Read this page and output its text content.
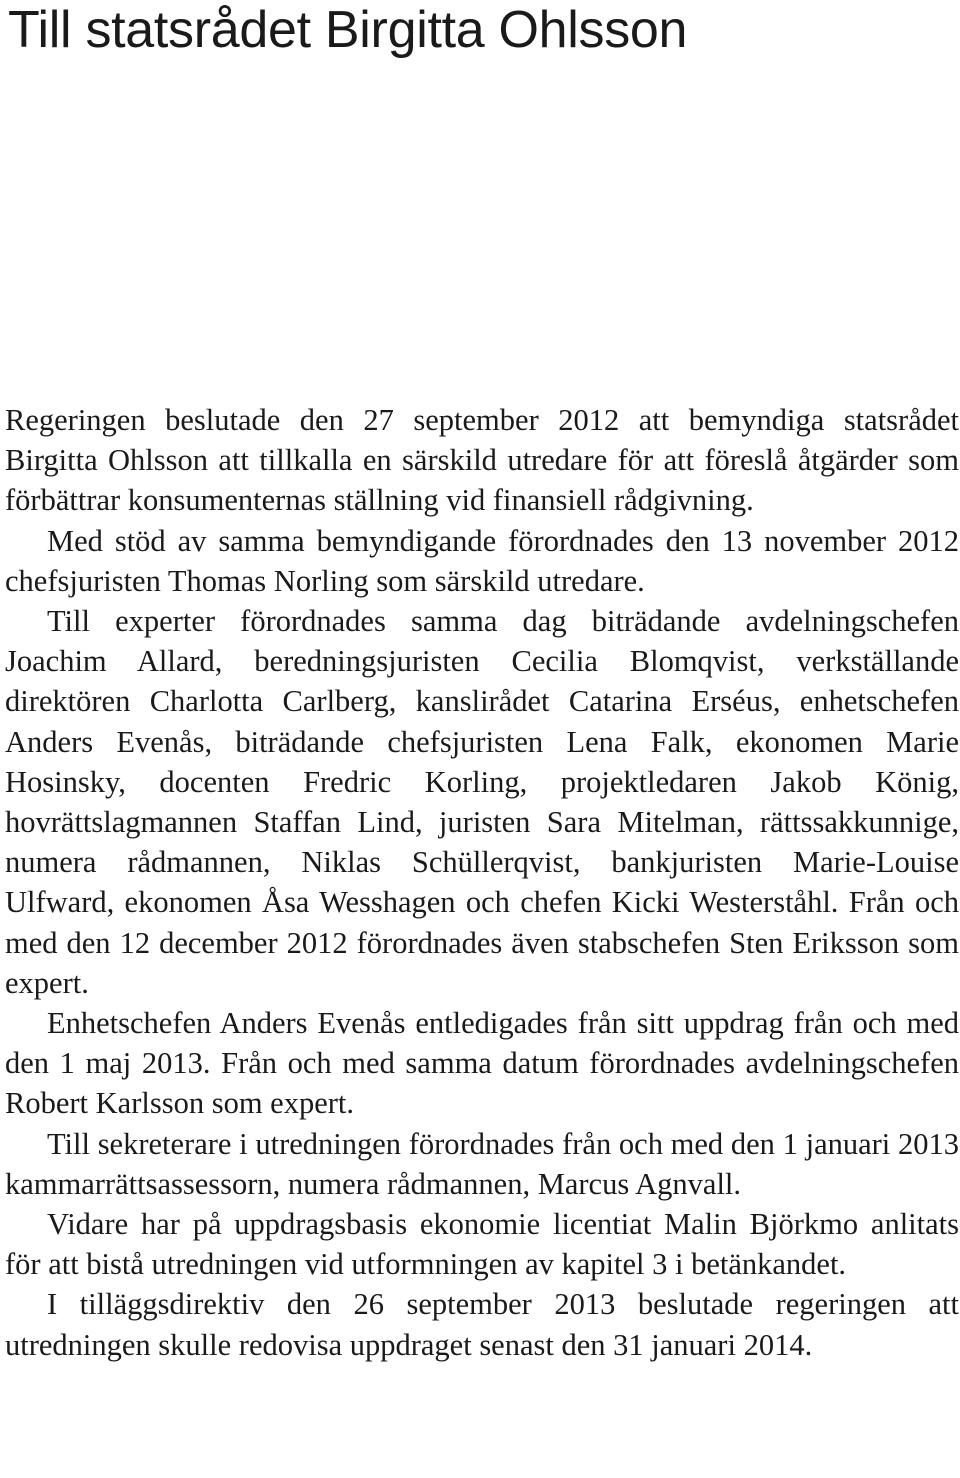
Till statsrådet Birgitta Ohlsson

Regeringen beslutade den 27 september 2012 att bemyndiga statsrådet Birgitta Ohlsson att tillkalla en särskild utredare för att föreslå åtgärder som förbättrar konsumenternas ställning vid finansiell rådgivning.

Med stöd av samma bemyndigande förordnades den 13 november 2012 chefsjuristen Thomas Norling som särskild utredare.

Till experter förordnades samma dag biträdande avdelningschefen Joachim Allard, beredningsjuristen Cecilia Blomqvist, verkställande direktören Charlotta Carlberg, kanslirådet Catarina Erséus, enhetschefen Anders Evenås, biträdande chefsjuristen Lena Falk, ekonomen Marie Hosinsky, docenten Fredric Korling, projektledaren Jakob König, hovrättslagmannen Staffan Lind, juristen Sara Mitelman, rättssakkunnige, numera rådmannen, Niklas Schüllerqvist, bankjuristen Marie-Louise Ulfward, ekonomen Åsa Wesshagen och chefen Kicki Westerståhl. Från och med den 12 december 2012 förordnades även stabschefen Sten Eriksson som expert.

Enhetschefen Anders Evenås entledigades från sitt uppdrag från och med den 1 maj 2013. Från och med samma datum förordnades avdelningschefen Robert Karlsson som expert.

Till sekreterare i utredningen förordnades från och med den 1 januari 2013 kammarrättsassessorn, numera rådmannen, Marcus Agnvall.

Vidare har på uppdragsbasis ekonomie licentiat Malin Björkmo anlitats för att bistå utredningen vid utformningen av kapitel 3 i betänkandet.

I tilläggsdirektiv den 26 september 2013 beslutade regeringen att utredningen skulle redovisa uppdraget senast den 31 januari 2014.
